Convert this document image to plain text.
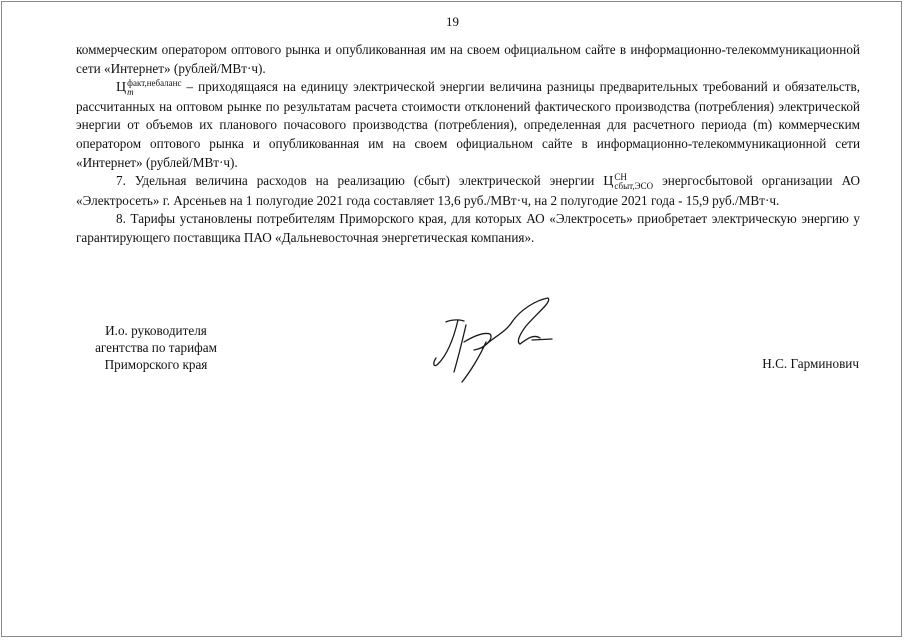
19

коммерческим оператором оптового рынка и опубликованная им на своем официальном сайте в информационно-телекоммуникационной сети «Интернет» (рублей/МВт·ч).

Ц факт,небаланс
m	– приходящаяся на единицу электрической энергии величина разницы предварительных требований и обязательств, рассчитанных на оптовом рынке по результатам расчета стоимости отклонений фактического производства (потребления) электрической энергии от объемов их планового почасового производства (потребления), определенная для расчетного периода (m) коммерческим оператором оптового рынка и опубликованная им на своем официальном сайте в информационно-телекоммуникационной сети «Интернет» (рублей/МВт·ч).

7. Удельная величина расходов на реализацию (сбыт) электрической энергии Ц СН
сбыт,ЭСО энергосбытовой организации АО «Электросеть» г. Арсеньев на 1 полугодие 2021 года составляет 13,6 руб./МВт·ч, на 2 полугодие 2021 года - 15,9 руб./МВт·ч.

8. Тарифы установлены потребителям Приморского края, для которых АО «Электросеть» приобретает электрическую энергию у гарантирующего поставщика ПАО «Дальневосточная энергетическая компания».

И.о. руководителя
агентства по тарифам
Приморского края	Н.С. Гарминович
